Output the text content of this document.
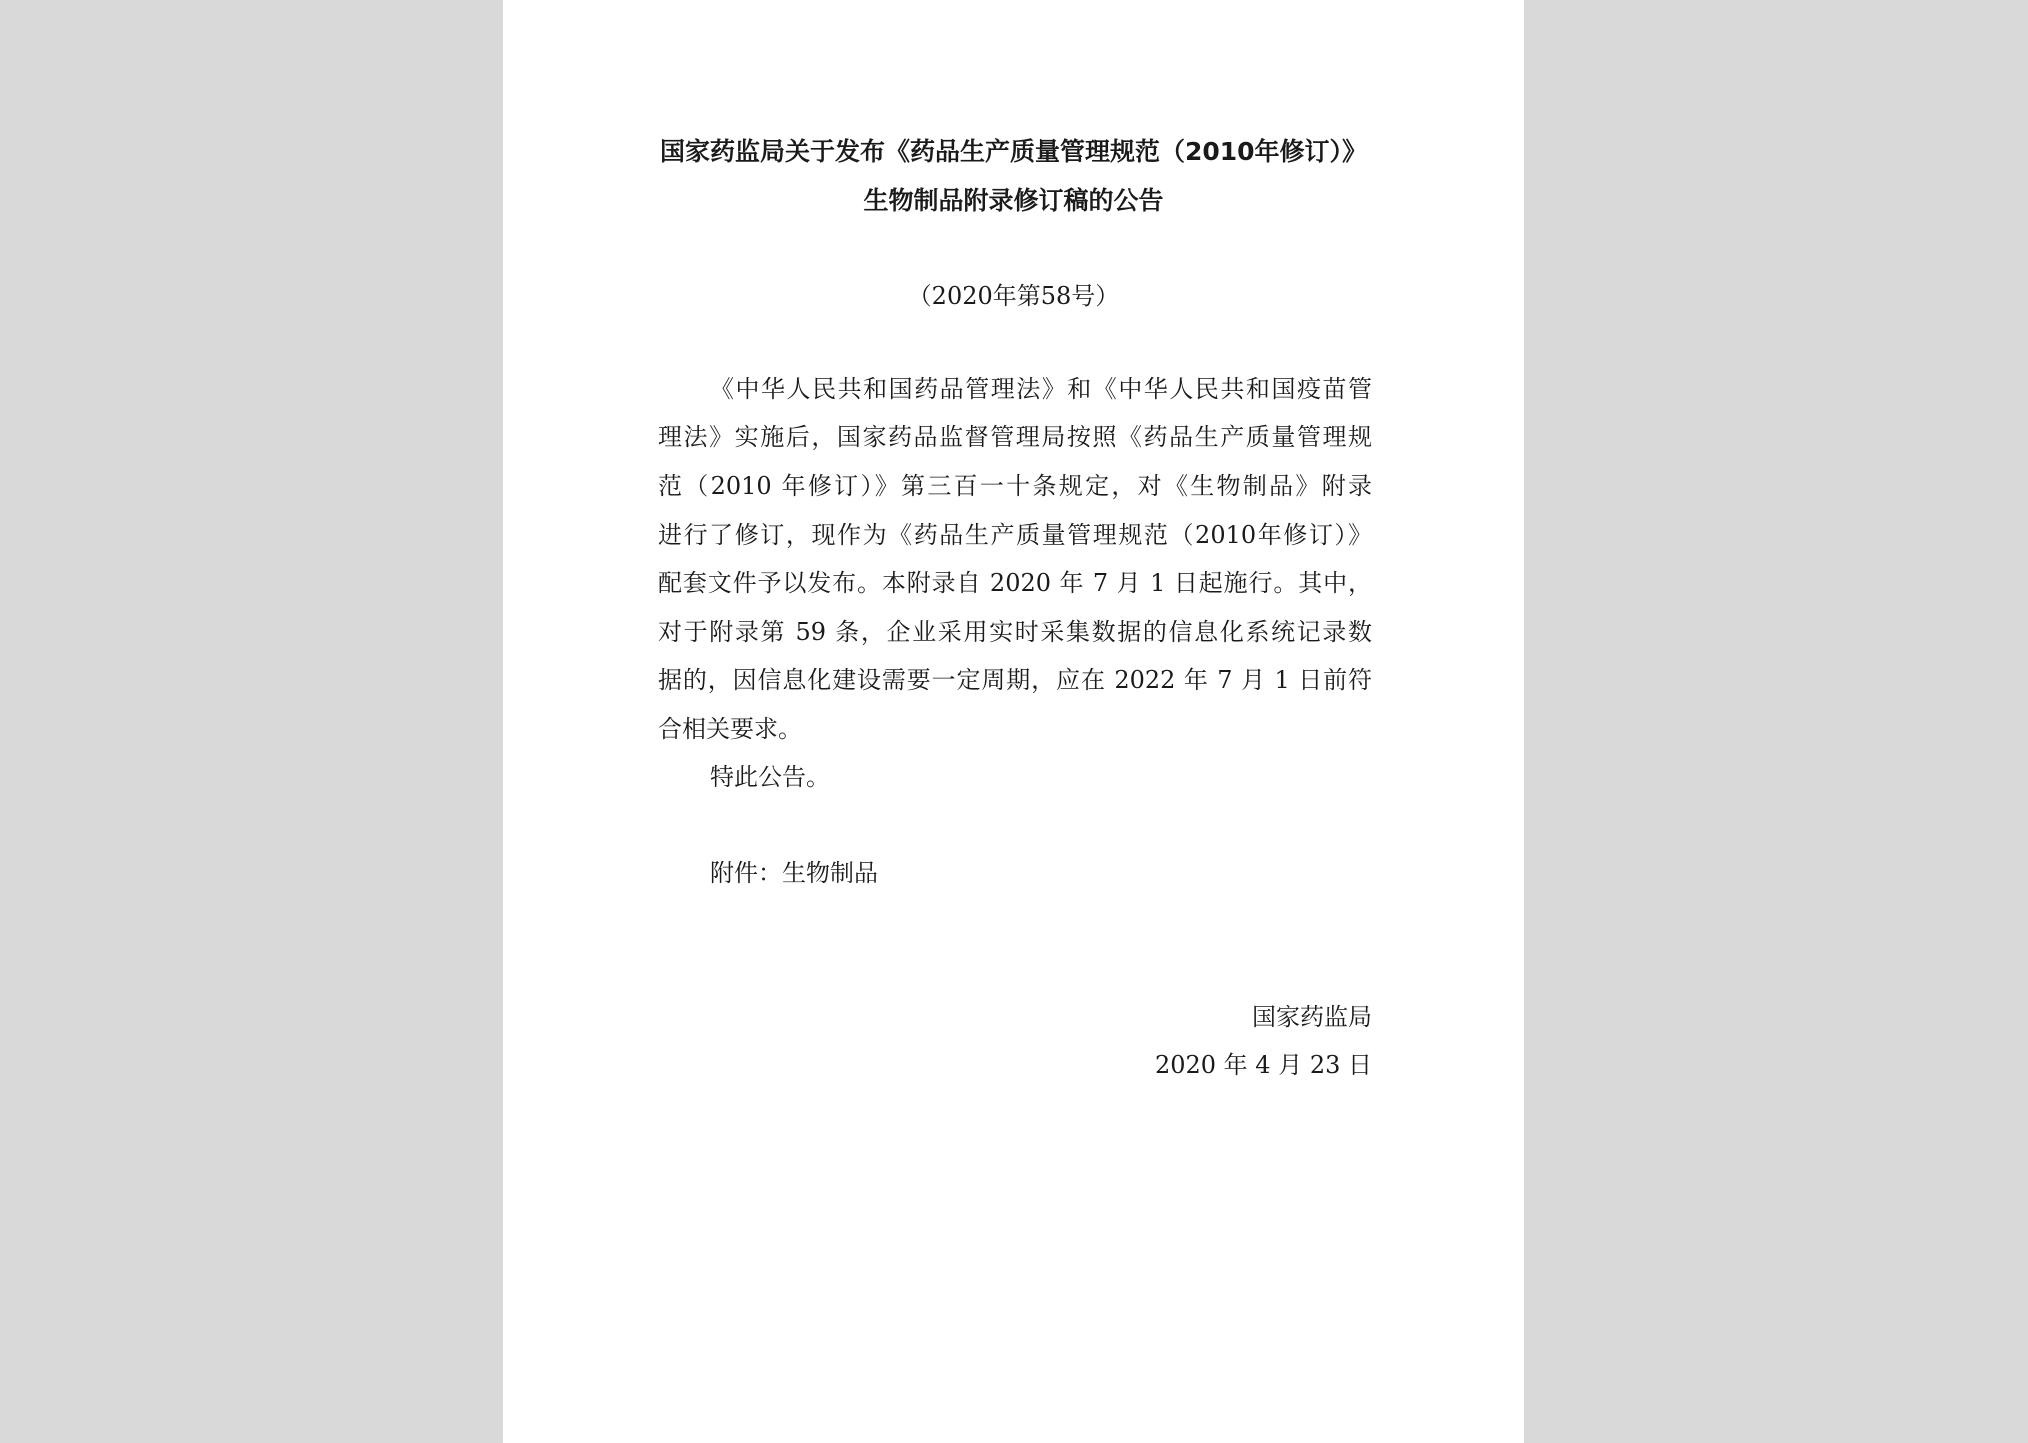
国家药监局关于发布《药品生产质量管理规范（2010年修订）》
生物制品附录修订稿的公告
（2020年第58号）
《中华人民共和国药品管理法》和《中华人民共和国疫苗管
理法》实施后，国家药品监督管理局按照《药品生产质量管理规
范（2010 年修订）》第三百一十条规定，对《生物制品》附录
进行了修订，现作为《药品生产质量管理规范（2010年修订）》
配套文件予以发布。本附录自 2020 年 7 月 1 日起施行。其中，
对于附录第 59 条，企业采用实时采集数据的信息化系统记录数
据的，因信息化建设需要一定周期，应在 2022 年 7 月 1 日前符
合相关要求。
特此公告。
附件：生物制品
国家药监局
2020 年 4 月 23 日
